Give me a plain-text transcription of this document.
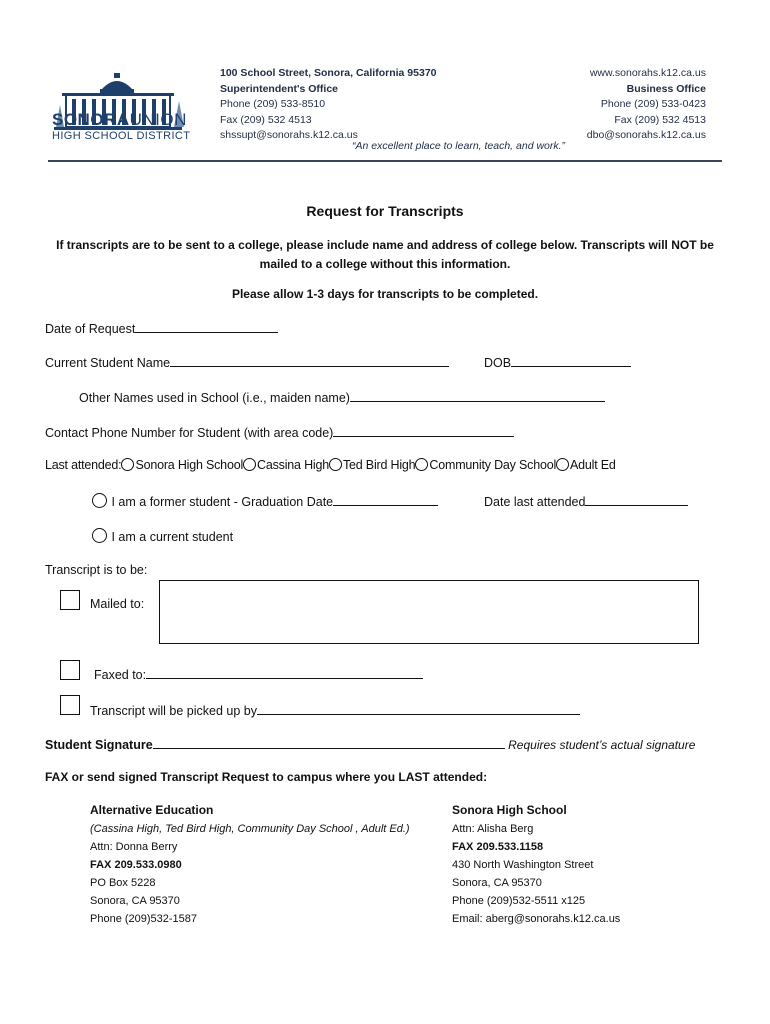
SONORAUNION
HIGH SCHOOL DISTRICT
100 School Street, Sonora, California 95370
Superintendent's Office
Phone (209) 533-8510
Fax (209) 532 4513
shssupt@sonorahs.k12.ca.us
www.sonorahs.k12.ca.us
Business Office
Phone (209) 533-0423
Fax (209) 532 4513
dbo@sonorahs.k12.ca.us
“An excellent place to learn, teach, and work.”
Request for Transcripts
If transcripts are to be sent to a college, please include name and address of college below. Transcripts will NOT be mailed to a college without this information.
Please allow 1-3 days for transcripts to be completed.
Date of Request
Current Student Name	DOB
Other Names used in School (i.e., maiden name)
Contact Phone Number for Student (with area code)
Last attended: Sonora High School Cassina High Ted Bird High Community Day School Adult Ed
I am a former student - Graduation Date	Date last attended
I am a current student
Transcript is to be:
Mailed to:
Faxed to:
Transcript will be picked up by
Student Signature	Requires student’s actual signature
FAX or send signed Transcript Request to campus where you LAST attended:
Alternative Education
(Cassina High, Ted Bird High, Community Day School , Adult Ed.)
Attn: Donna Berry
FAX 209.533.0980
PO Box 5228
Sonora, CA 95370
Phone (209)532-1587
Sonora High School
Attn: Alisha Berg
FAX 209.533.1158
430 North Washington Street
Sonora, CA 95370
Phone (209)532-5511 x125
Email: aberg@sonorahs.k12.ca.us
